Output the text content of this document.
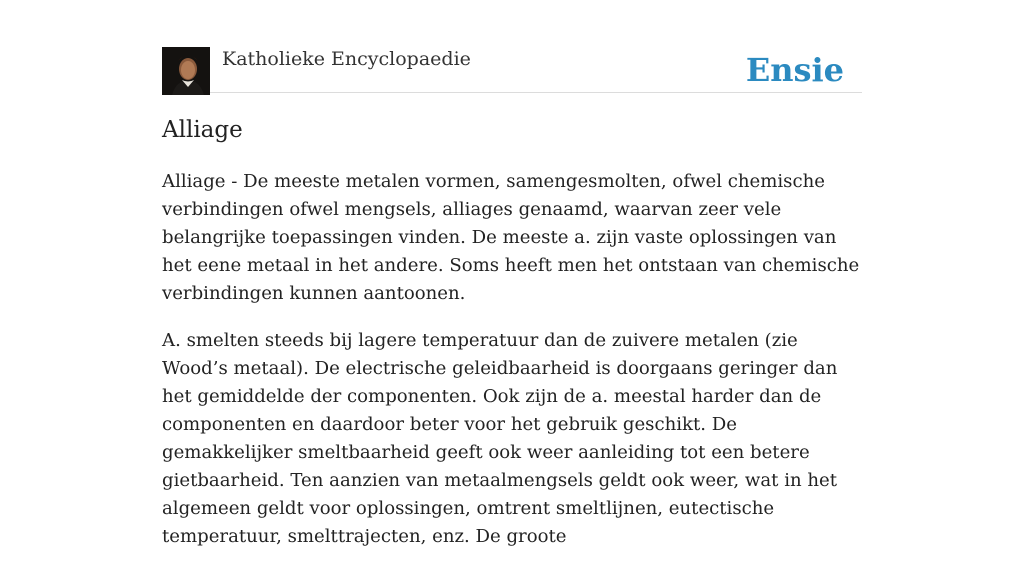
Katholieke Encyclopaedie	Ensie
Alliage

Alliage - De meeste metalen vormen, samengesmolten, ofwel chemische verbindingen ofwel mengsels, alliages genaamd, waarvan zeer vele belangrijke toepassingen vinden. De meeste a. zijn vaste oplossingen van het eene metaal in het andere. Soms heeft men het ontstaan van chemische verbindingen kunnen aantoonen.

A. smelten steeds bij lagere temperatuur dan de zuivere metalen (zie Wood’s metaal). De electrische geleidbaarheid is doorgaans geringer dan het gemiddelde der componenten. Ook zijn de a. meestal harder dan de componenten en daardoor beter voor het gebruik geschikt. De gemakkelijker smeltbaarheid geeft ook weer aanleiding tot een betere gietbaarheid. Ten aanzien van metaalmengsels geldt ook weer, wat in het algemeen geldt voor oplossingen, omtrent smeltlijnen, eutectische temperatuur, smelttrajecten, enz. De groote
